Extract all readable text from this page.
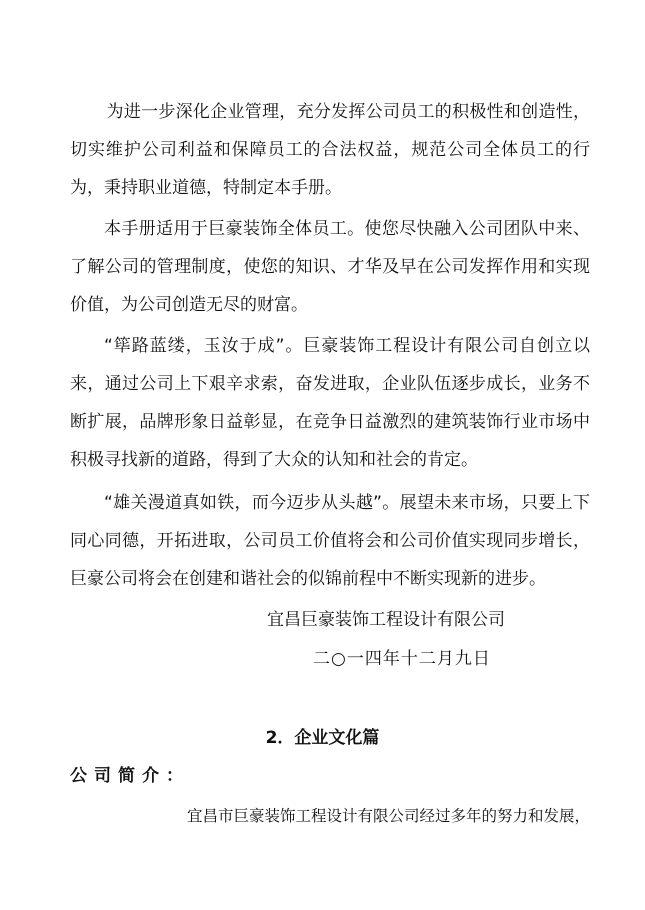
为进一步深化企业管理，充分发挥公司员工的积极性和创造性，切实维护公司利益和保障员工的合法权益，规范公司全体员工的行为，秉持职业道德，特制定本手册。

本手册适用于巨豪装饰全体员工。使您尽快融入公司团队中来、了解公司的管理制度，使您的知识、才华及早在公司发挥作用和实现价值，为公司创造无尽的财富。

“筚路蓝缕，玉汝于成”。巨豪装饰工程设计有限公司自创立以来，通过公司上下艰辛求索，奋发进取，企业队伍逐步成长，业务不断扩展，品牌形象日益彰显，在竞争日益激烈的建筑装饰行业市场中积极寻找新的道路，得到了大众的认知和社会的肯定。

“雄关漫道真如铁，而今迈步从头越”。展望未来市场，只要上下同心同德，开拓进取，公司员工价值将会和公司价值实现同步增长，巨豪公司将会在创建和谐社会的似锦前程中不断实现新的进步。

宜昌巨豪装饰工程设计有限公司

二○一四年十二月九日

2．企业文化篇
公司简介：

宜昌市巨豪装饰工程设计有限公司经过多年的努力和发展，
